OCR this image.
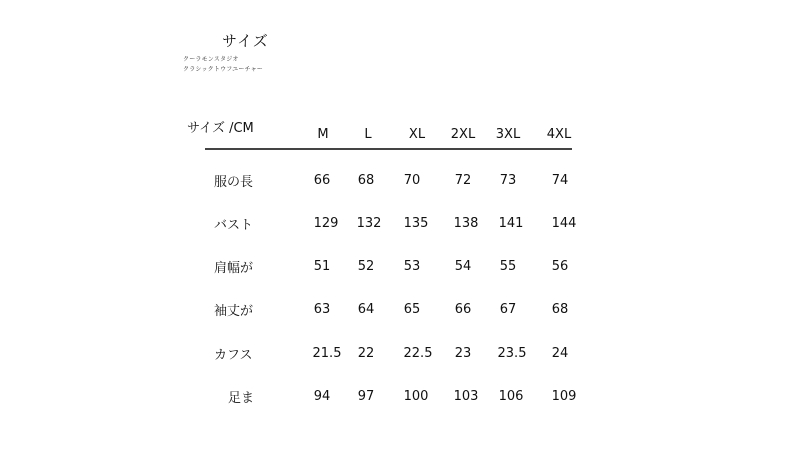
サイズ
クーラモンスタジオ
クラシックトウフユーチャー
サイズ /CM	M	L	XL	2XL	3XL	4XL
服の長	66	68	70	72	73	74
バスト	129	132	135	138	141	144
肩幅が	51	52	53	54	55	56
袖丈が	63	64	65	66	67	68
カフス	21.5	22	22.5	23	23.5	24
足ま	94	97	100	103	106	109
